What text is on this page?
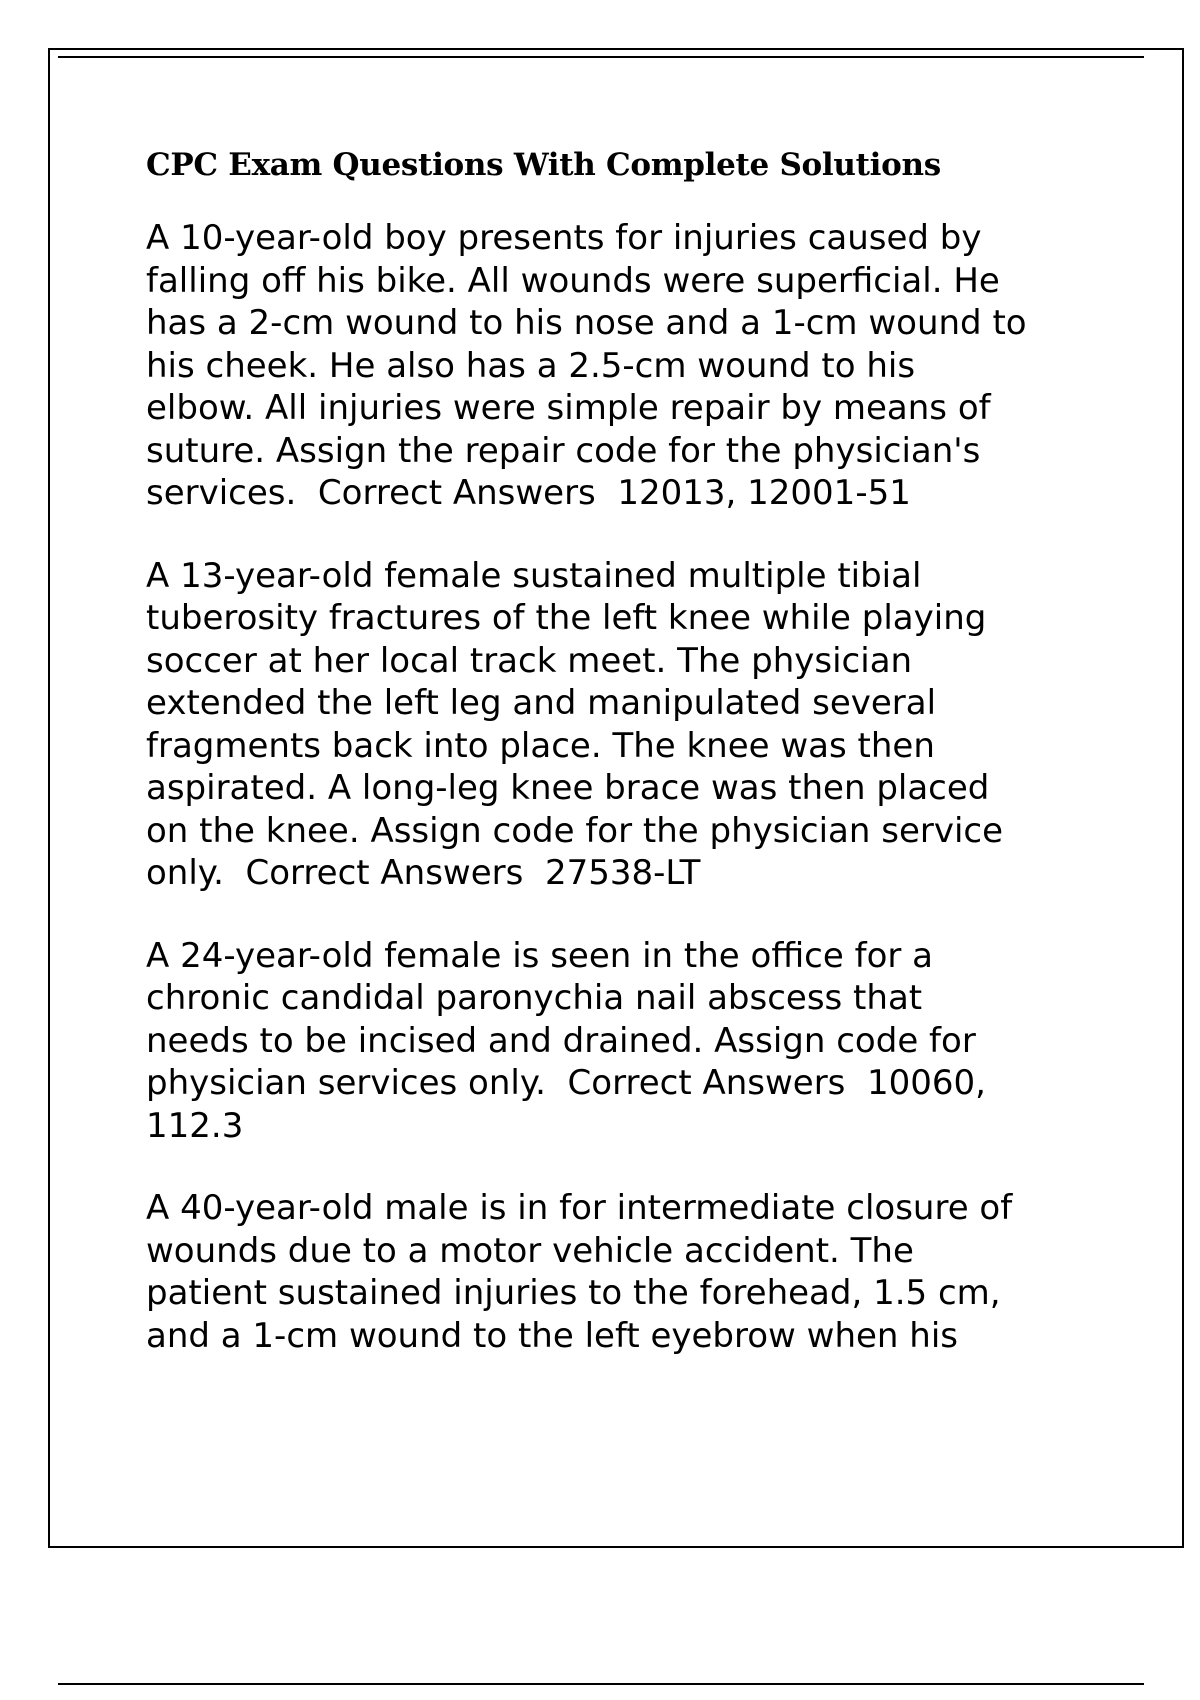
CPC Exam Questions With Complete Solutions

A 10-year-old boy presents for injuries caused by
falling off his bike. All wounds were superficial. He
has a 2-cm wound to his nose and a 1-cm wound to
his cheek. He also has a 2.5-cm wound to his
elbow. All injuries were simple repair by means of
suture. Assign the repair code for the physician's
services.  Correct Answers  12013, 12001-51

A 13-year-old female sustained multiple tibial
tuberosity fractures of the left knee while playing
soccer at her local track meet. The physician
extended the left leg and manipulated several
fragments back into place. The knee was then
aspirated. A long-leg knee brace was then placed
on the knee. Assign code for the physician service
only.  Correct Answers  27538-LT

A 24-year-old female is seen in the office for a
chronic candidal paronychia nail abscess that
needs to be incised and drained. Assign code for
physician services only.  Correct Answers  10060,
112.3

A 40-year-old male is in for intermediate closure of
wounds due to a motor vehicle accident. The
patient sustained injuries to the forehead, 1.5 cm,
and a 1-cm wound to the left eyebrow when his
